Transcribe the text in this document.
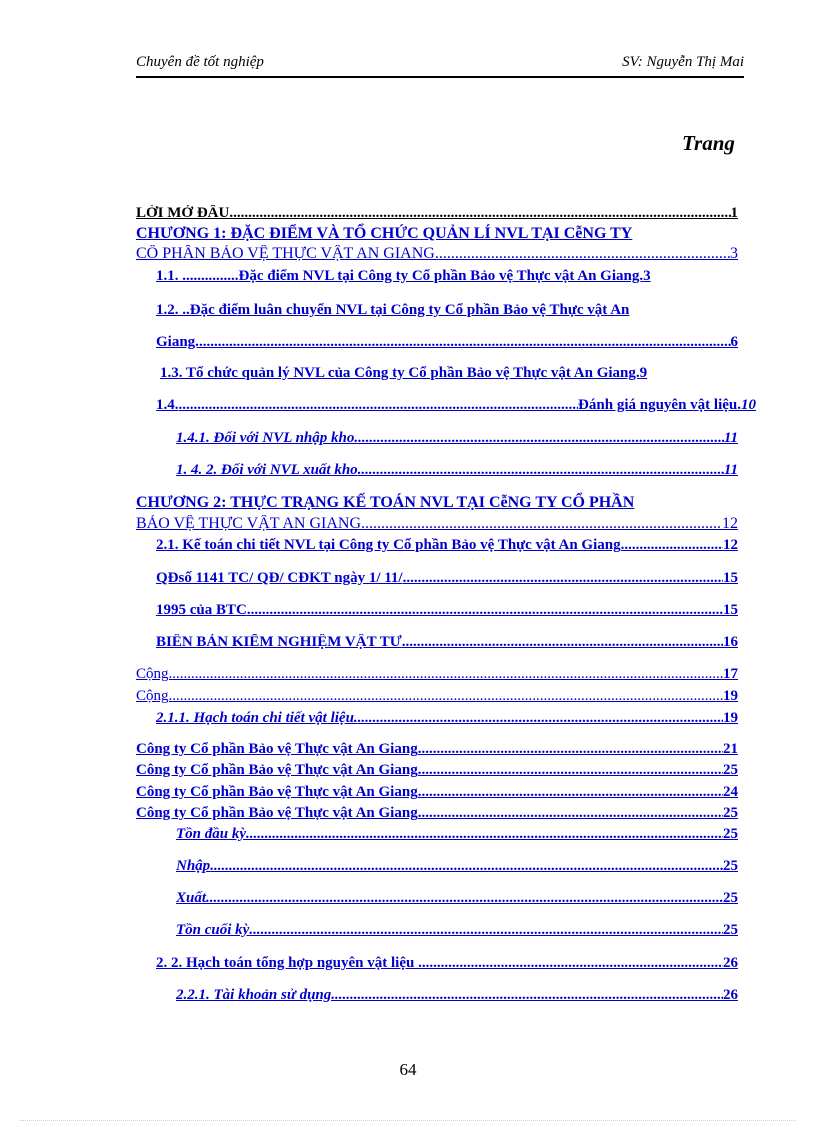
Chuyên đề tốt nghiệp	SV: Nguyễn Thị Mai
Trang
LỜI MỞ ĐẦU .....	1
CHƯƠNG 1: ĐẶC ĐIỂM VÀ TỔ CHỨC QUẢN LÍ NVL TẠI CễNG TY
CỔ PHẦN BẢO VỆ THỰC VẬT AN GIANG. .....	3
1.1. ...............Đặc điểm NVL tại Công ty Cổ phần Bảo vệ Thực vật An Giang. 3
1.2. ..Đặc điểm luân chuyển NVL tại Công ty Cổ phần Bảo vệ Thực vật An
Giang. .....	6
1.3. Tổ chức quản lý NVL của Công ty Cổ phần Bảo vệ Thực vật An Giang. 9
1.4. .....	Đánh giá nguyên vật liệu. 10
1.4.1. Đối với NVL nhập kho. .....	11
1. 4. 2. Đối với NVL xuất kho .....	11
CHƯƠNG 2: THỰC TRẠNG KẾ TOÁN NVL TẠI CễNG TY CỔ PHẦN
BẢO VỆ THỰC VẬT AN GIANG. .....	12
2.1. Kế toán chi tiết NVL tại Công ty Cổ phần Bảo vệ Thực vật An Giang .....	12
QĐsố 1141 TC/ QĐ/ CĐKT ngày 1/ 11/ .....	15
1995 của BTC .....	15
BIÊN BẢN KIỂM NGHIỆM VẬT TƯ .....	16
Cộng .....	17
Cộng .....	19
2.1.1. Hạch toán chi tiết vật liệu. .....	19
Công ty Cổ phần Bảo vệ Thực vật An Giang .....	21
Công ty Cổ phần Bảo vệ Thực vật An Giang .....	25
Công ty Cổ phần Bảo vệ Thực vật An Giang .....	24
Công ty Cổ phần Bảo vệ Thực vật An Giang .....	25
Tồn đầu kỳ .....	25
Nhập .....	25
Xuất .....	25
Tồn cuối kỳ .....	25
2. 2. Hạch toán tổng hợp nguyên vật liệu . .....	26
2.2.1. Tài khoản sử dụng. .....	26
64
